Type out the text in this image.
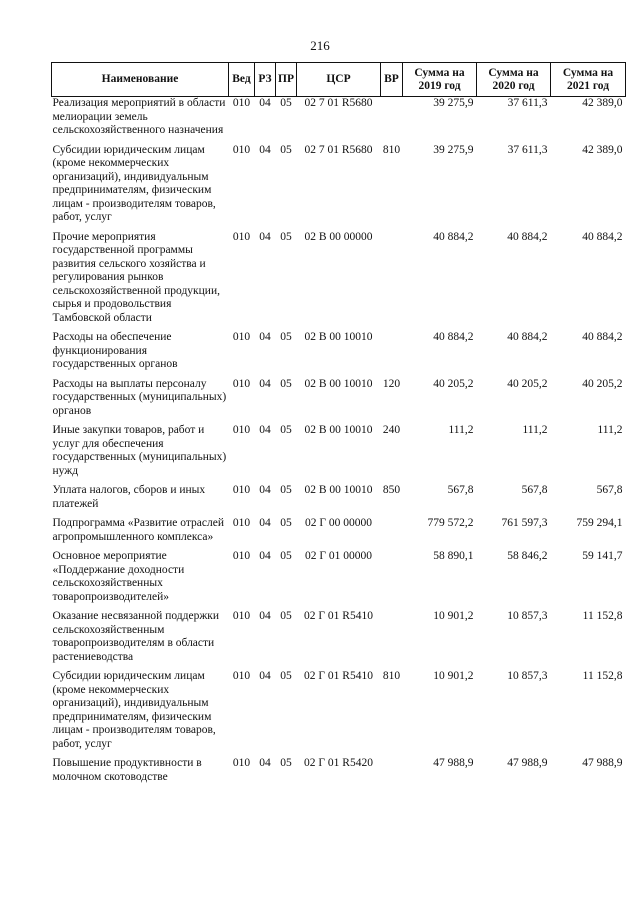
216
Наименование	Вед	РЗ	ПР	ЦСР	ВР	Сумма на 2019 год	Сумма на 2020 год	Сумма на 2021 год
Реализация мероприятий в области мелиорации земель сельскохозяйственного назначения	010	04	05	02 7 01 R5680		39 275,9	37 611,3	42 389,0
Субсидии юридическим лицам (кроме некоммерческих организаций), индивидуальным предпринимателям, физическим лицам - производителям товаров, работ, услуг	010	04	05	02 7 01 R5680	810	39 275,9	37 611,3	42 389,0
Прочие мероприятия государственной программы развития сельского хозяйства и регулирования рынков сельскохозяйственной продукции, сырья и продовольствия Тамбовской области	010	04	05	02 В 00 00000		40 884,2	40 884,2	40 884,2
Расходы на обеспечение функционирования государственных органов	010	04	05	02 В 00 10010		40 884,2	40 884,2	40 884,2
Расходы на выплаты персоналу государственных (муниципальных) органов	010	04	05	02 В 00 10010	120	40 205,2	40 205,2	40 205,2
Иные закупки товаров, работ и услуг для обеспечения государственных (муниципальных) нужд	010	04	05	02 В 00 10010	240	111,2	111,2	111,2
Уплата налогов, сборов и иных платежей	010	04	05	02 В 00 10010	850	567,8	567,8	567,8
Подпрограмма «Развитие отраслей агропромышленного комплекса»	010	04	05	02 Г 00 00000		779 572,2	761 597,3	759 294,1
Основное мероприятие «Поддержание доходности сельскохозяйственных товаропроизводителей»	010	04	05	02 Г 01 00000		58 890,1	58 846,2	59 141,7
Оказание несвязанной поддержки сельскохозяйственным товаропроизводителям в области растениеводства	010	04	05	02 Г 01 R5410		10 901,2	10 857,3	11 152,8
Субсидии юридическим лицам (кроме некоммерческих организаций), индивидуальным предпринимателям, физическим лицам - производителям товаров, работ, услуг	010	04	05	02 Г 01 R5410	810	10 901,2	10 857,3	11 152,8
Повышение продуктивности в молочном скотоводстве	010	04	05	02 Г 01 R5420		47 988,9	47 988,9	47 988,9
